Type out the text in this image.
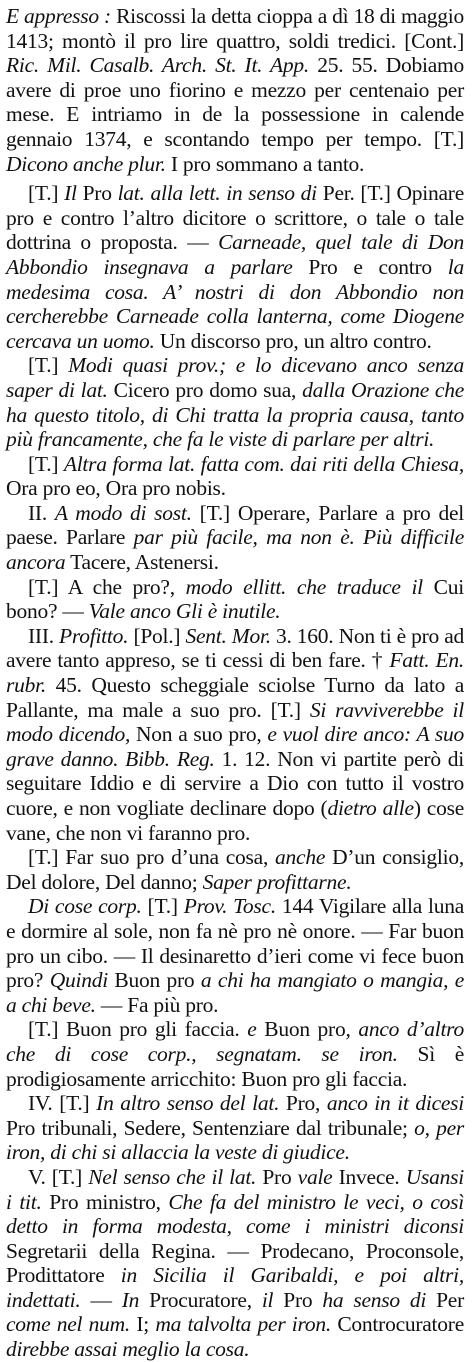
E appresso : Riscossi la detta cioppa a dì 18 di maggio 1413; montò il pro lire quattro, soldi tredici. [Cont.] Ric. Mil. Casalb. Arch. St. It. App. 25. 55. Dobiamo avere di proe uno fiorino e mezzo per centenaio per mese. E intriamo in de la possessione in calende gennaio 1374, e scontando tempo per tempo. [T.] Dicono anche plur. I pro sommano a tanto.

[T.] Il Pro lat. alla lett. in senso di Per. [T.] Opinare pro e contro l’altro dicitore o scrittore, o tale o tale dottrina o proposta. — Carneade, quel tale di Don Abbondio insegnava a parlare Pro e contro la medesima cosa. A’ nostri di don Abbondio non cercherebbe Carneade colla lanterna, come Diogene cercava un uomo. Un discorso pro, un altro contro.

[T.] Modi quasi prov.; e lo dicevano anco senza saper di lat. Cicero pro domo sua, dalla Orazione che ha questo titolo, di Chi tratta la propria causa, tanto più francamente, che fa le viste di parlare per altri.

[T.] Altra forma lat. fatta com. dai riti della Chiesa, Ora pro eo, Ora pro nobis.

II. A modo di sost. [T.] Operare, Parlare a pro del paese. Parlare par più facile, ma non è. Più difficile ancora Tacere, Astenersi.

[T.] A che pro?, modo ellitt. che traduce il Cui bono? — Vale anco Gli è inutile.

III. Profitto. [Pol.] Sent. Mor. 3. 160. Non ti è pro ad avere tanto appreso, se ti cessi di ben fare. † Fatt. En. rubr. 45. Questo scheggiale sciolse Turno da lato a Pallante, ma male a suo pro. [T.] Si ravviverebbe il modo dicendo, Non a suo pro, e vuol dire anco: A suo grave danno. Bibb. Reg. 1. 12. Non vi partite però di seguitare Iddio e di servire a Dio con tutto il vostro cuore, e non vogliate declinare dopo (dietro alle) cose vane, che non vi faranno pro.

[T.] Far suo pro d’una cosa, anche D’un consiglio, Del dolore, Del danno; Saper profittarne.

Di cose corp. [T.] Prov. Tosc. 144 Vigilare alla luna e dormire al sole, non fa nè pro nè onore. — Far buon pro un cibo. — Il desinaretto d’ieri come vi fece buon pro? Quindi Buon pro a chi ha mangiato o mangia, e a chi beve. — Fa più pro.

[T.] Buon pro gli faccia. e Buon pro, anco d’altro che di cose corp., segnatam. se iron. Sì è prodigiosamente arricchito: Buon pro gli faccia.

IV. [T.] In altro senso del lat. Pro, anco in it dicesi Pro tribunali, Sedere, Sentenziare dal tribunale; o, per iron, di chi si allaccia la veste di giudice.

V. [T.] Nel senso che il lat. Pro vale Invece. Usansi i tit. Pro ministro, Che fa del ministro le veci, o così detto in forma modesta, come i ministri diconsi Segretarii della Regina. — Prodecano, Proconsole, Prodittatore in Sicilia il Garibaldi, e poi altri, indettati. — In Procuratore, il Pro ha senso di Per come nel num. I; ma talvolta per iron. Controcuratore direbbe assai meglio la cosa.
